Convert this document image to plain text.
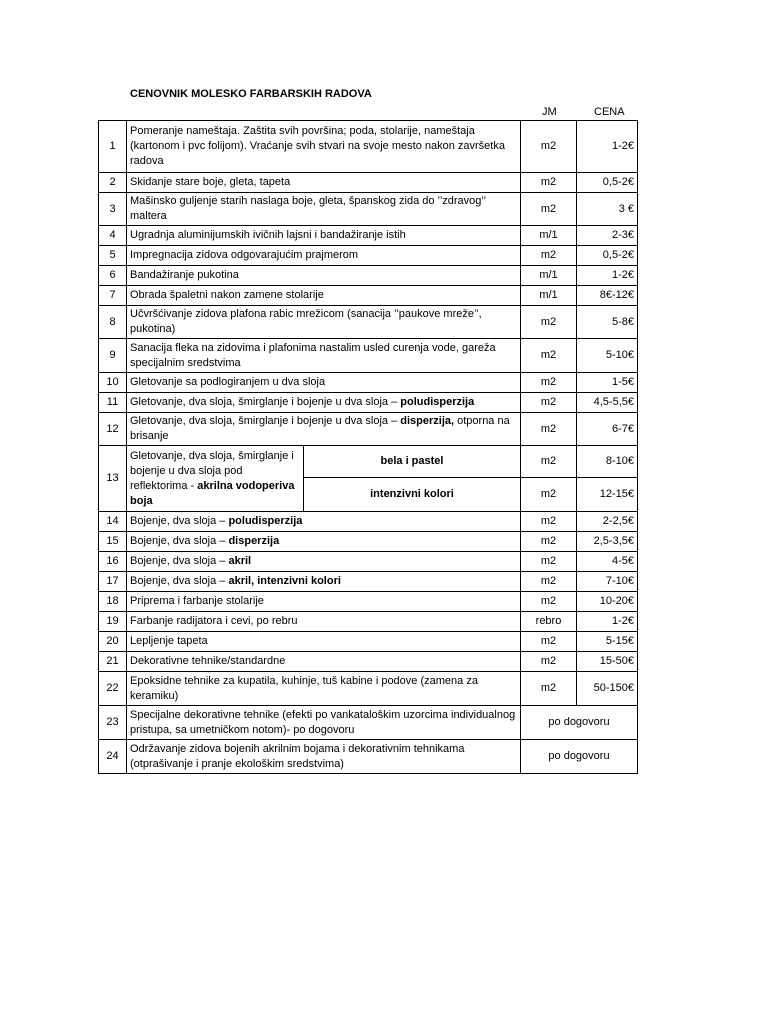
CENOVNIK MOLESKO FARBARSKIH RADOVA
JM	CENA
1	Pomeranje nameštaja. Zaštita svih površina; poda, stolarije, nameštaja (kartonom i pvc folijom). Vraćanje svih stvari na svoje mesto nakon završetka radova		m2	1-2€
2	Skidanje stare boje, gleta, tapeta		m2	0,5-2€
3	Mašinsko guljenje starih naslaga boje, gleta, španskog zida do ’’zdravog’’ maltera		m2	3 €
4	Ugradnja aluminijumskih ivičnih lajsni i bandažiranje istih		m/1	2-3€
5	Impregnacija zidova odgovarajućim prajmerom		m2	0,5-2€
6	Bandažiranje pukotina		m/1	1-2€
7	Obrada špaletni nakon zamene stolarije		m/1	8€-12€
8	Učvršćivanje zidova plafona rabic mrežicom (sanacija ’’paukove mreže’’, pukotina)		m2	5-8€
9	Sanacija fleka na zidovima i plafonima nastalim usled curenja vode, gareža specijalnim sredstvima		m2	5-10€
10	Gletovanje sa podlogiranjem u dva sloja		m2	1-5€
11	Gletovanje, dva sloja, šmirglanje i bojenje u dva sloja – poludisperzija		m2	4,5-5,5€
12	Gletovanje, dva sloja, šmirglanje i bojenje u dva sloja – disperzija, otporna na brisanje		m2	6-7€
13	Gletovanje, dva sloja, šmirglanje i bojenje u dva sloja pod reflektorima - akrilna vodoperiva boja	bela i pastel	m2	8-10€
		intenzivni kolori	m2	12-15€
14	Bojenje, dva sloja – poludisperzija		m2	2-2,5€
15	Bojenje, dva sloja – disperzija		m2	2,5-3,5€
16	Bojenje, dva sloja – akril		m2	4-5€
17	Bojenje, dva sloja – akril, intenzivni kolori		m2	7-10€
18	Priprema i farbanje stolarije		m2	10-20€
19	Farbanje radijatora i cevi, po rebru		rebro	1-2€
20	Lepljenje tapeta		m2	5-15€
21	Dekorativne tehnike/standardne		m2	15-50€
22	Epoksidne tehnike za kupatila, kuhinje, tuš kabine i podove (zamena za keramiku)		m2	50-150€
23	Specijalne dekorativne tehnike (efekti po vankataloškim uzorcima individualnog pristupa, sa umetničkom notom)- po dogovoru		po dogovoru	
24	Održavanje zidova bojenih akrilnim bojama i dekorativnim tehnikama (otprašivanje i pranje ekološkim sredstvima)		po dogovoru	
